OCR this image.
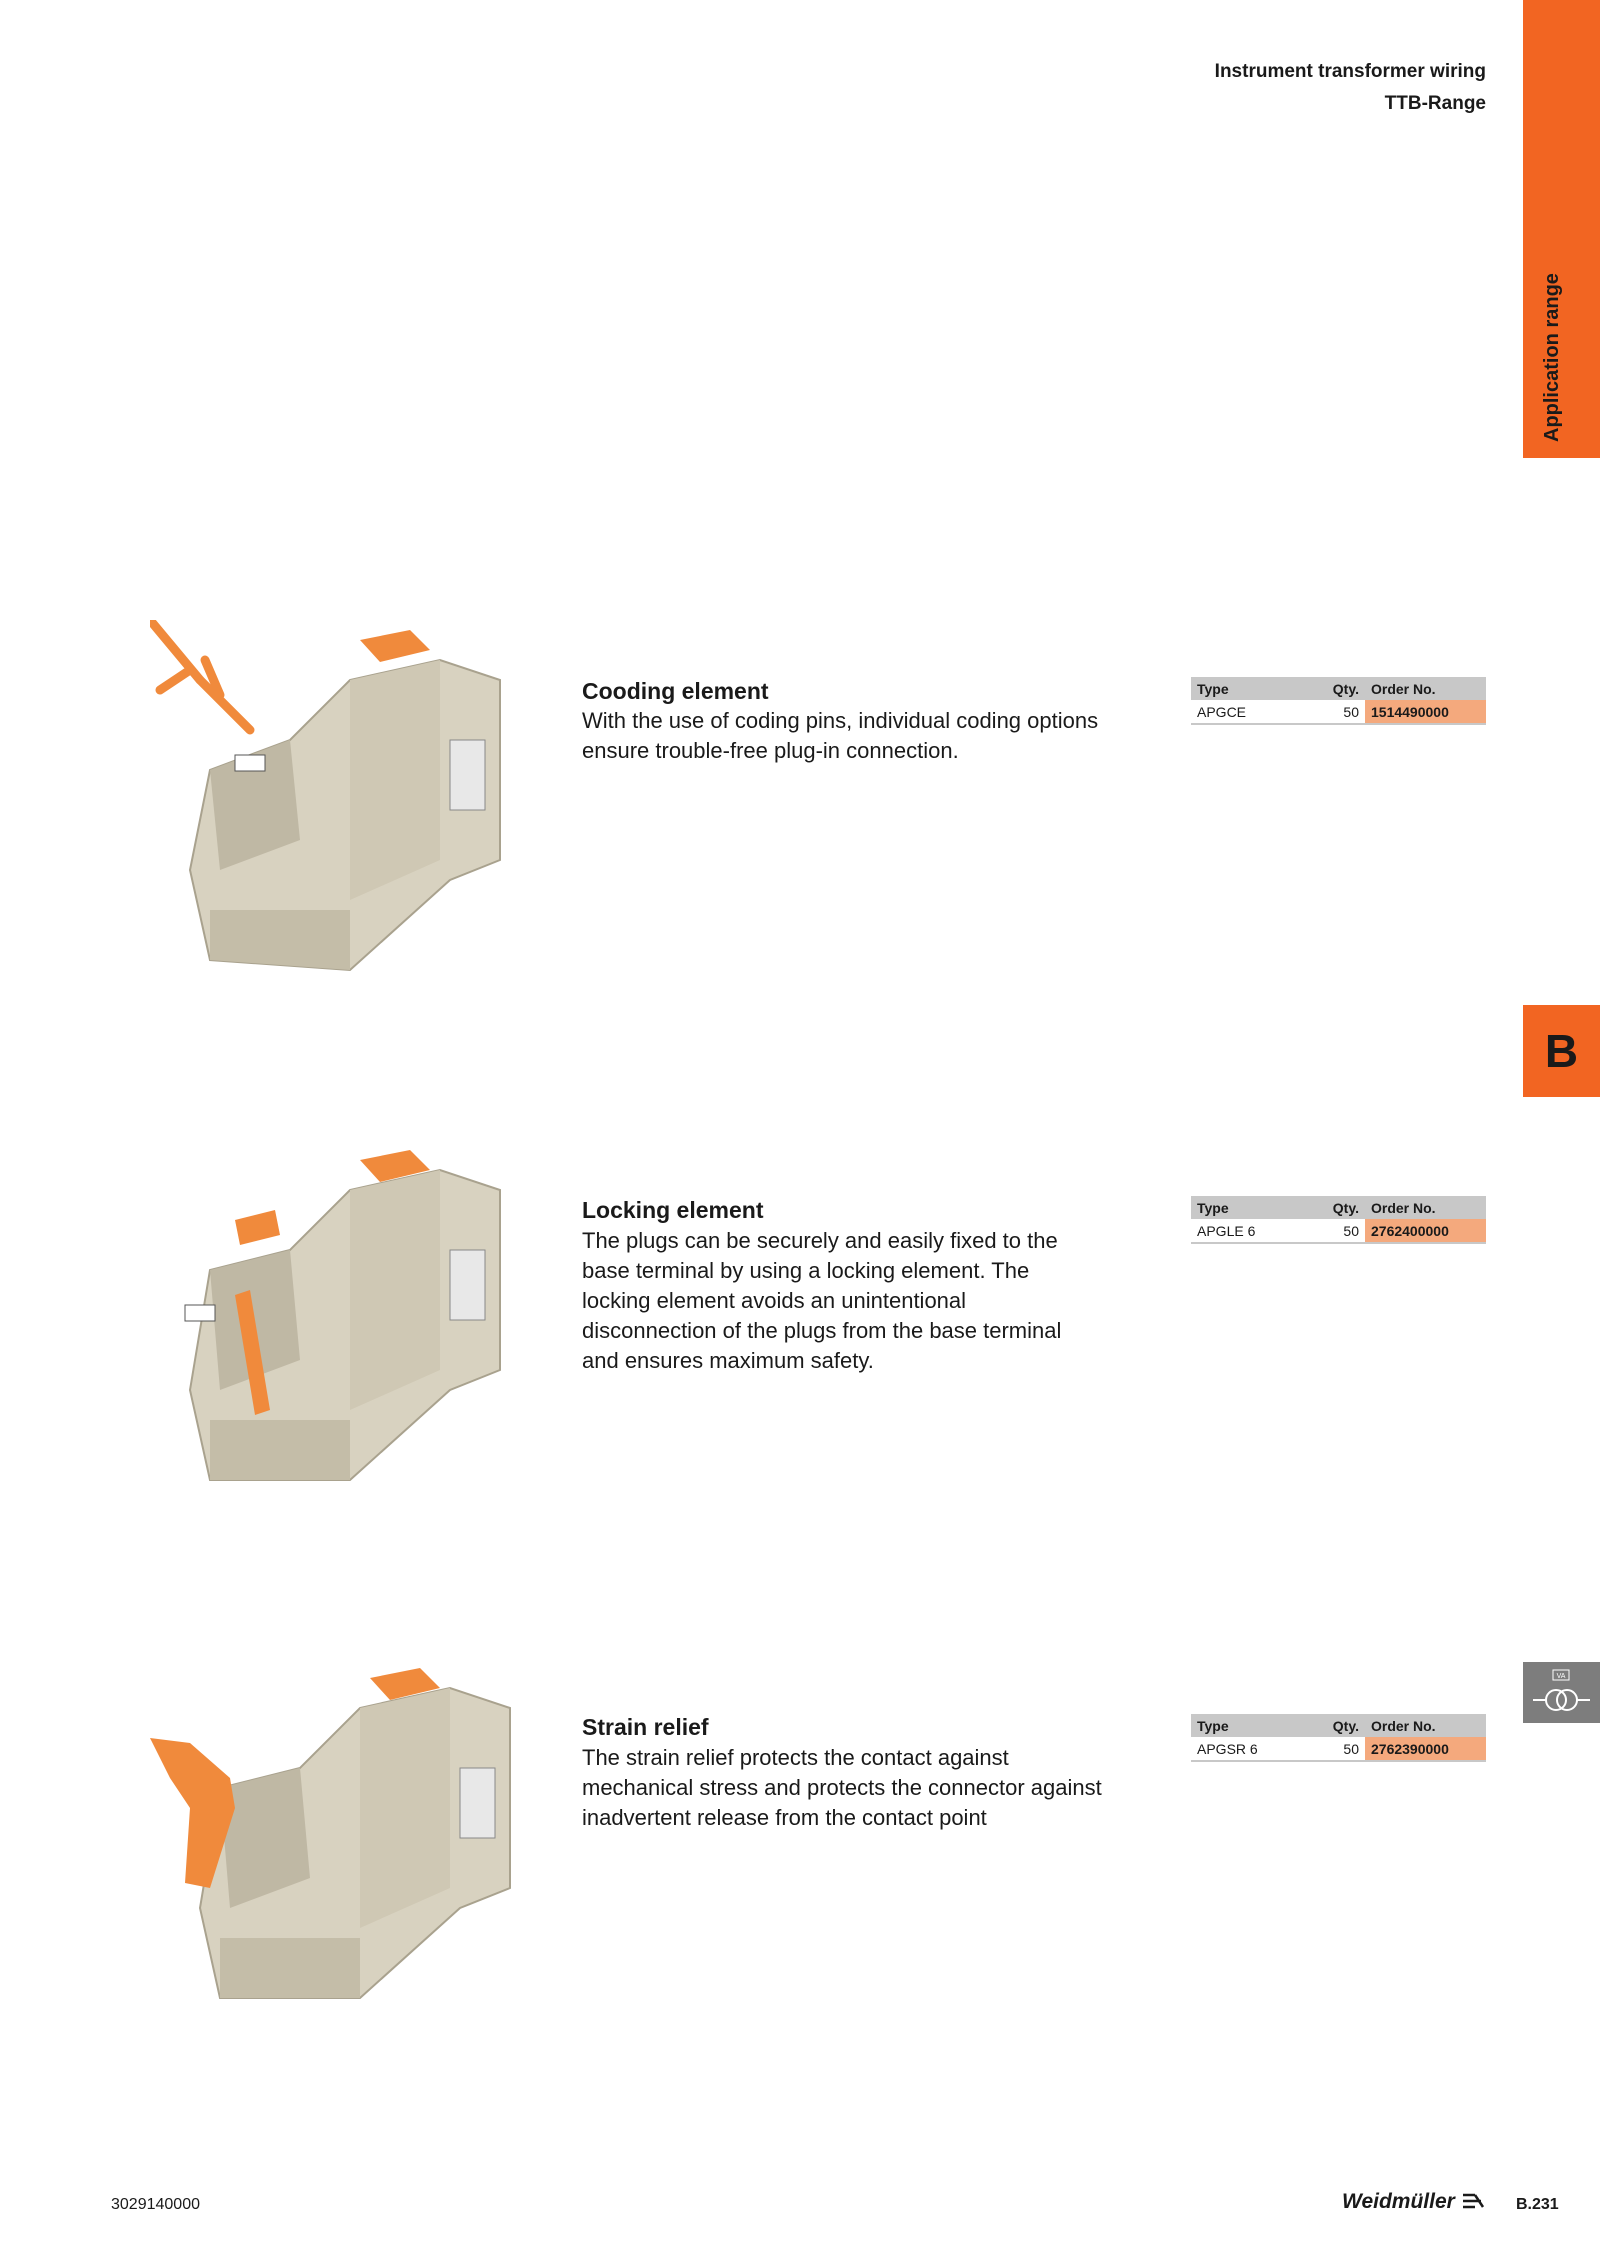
Instrument transformer wiring
TTB-Range
Application range
B
VA
Cooding element
With the use of coding pins, individual coding options ensure trouble-free plug-in connection.
Type	Qty.	Order No.
APGCE	50	1514490000
Locking element
The plugs can be securely and easily fixed to the base terminal by using a locking element. The locking element avoids an unintentional disconnection of the plugs from the base terminal and ensures maximum safety.
Type	Qty.	Order No.
APGLE 6	50	2762400000
Strain relief
The strain relief protects the contact against mechanical stress and protects the connector against inadvertent release from the contact point
Type	Qty.	Order No.
APGSR 6	50	2762390000
3029140000	Weidmüller	B.231
